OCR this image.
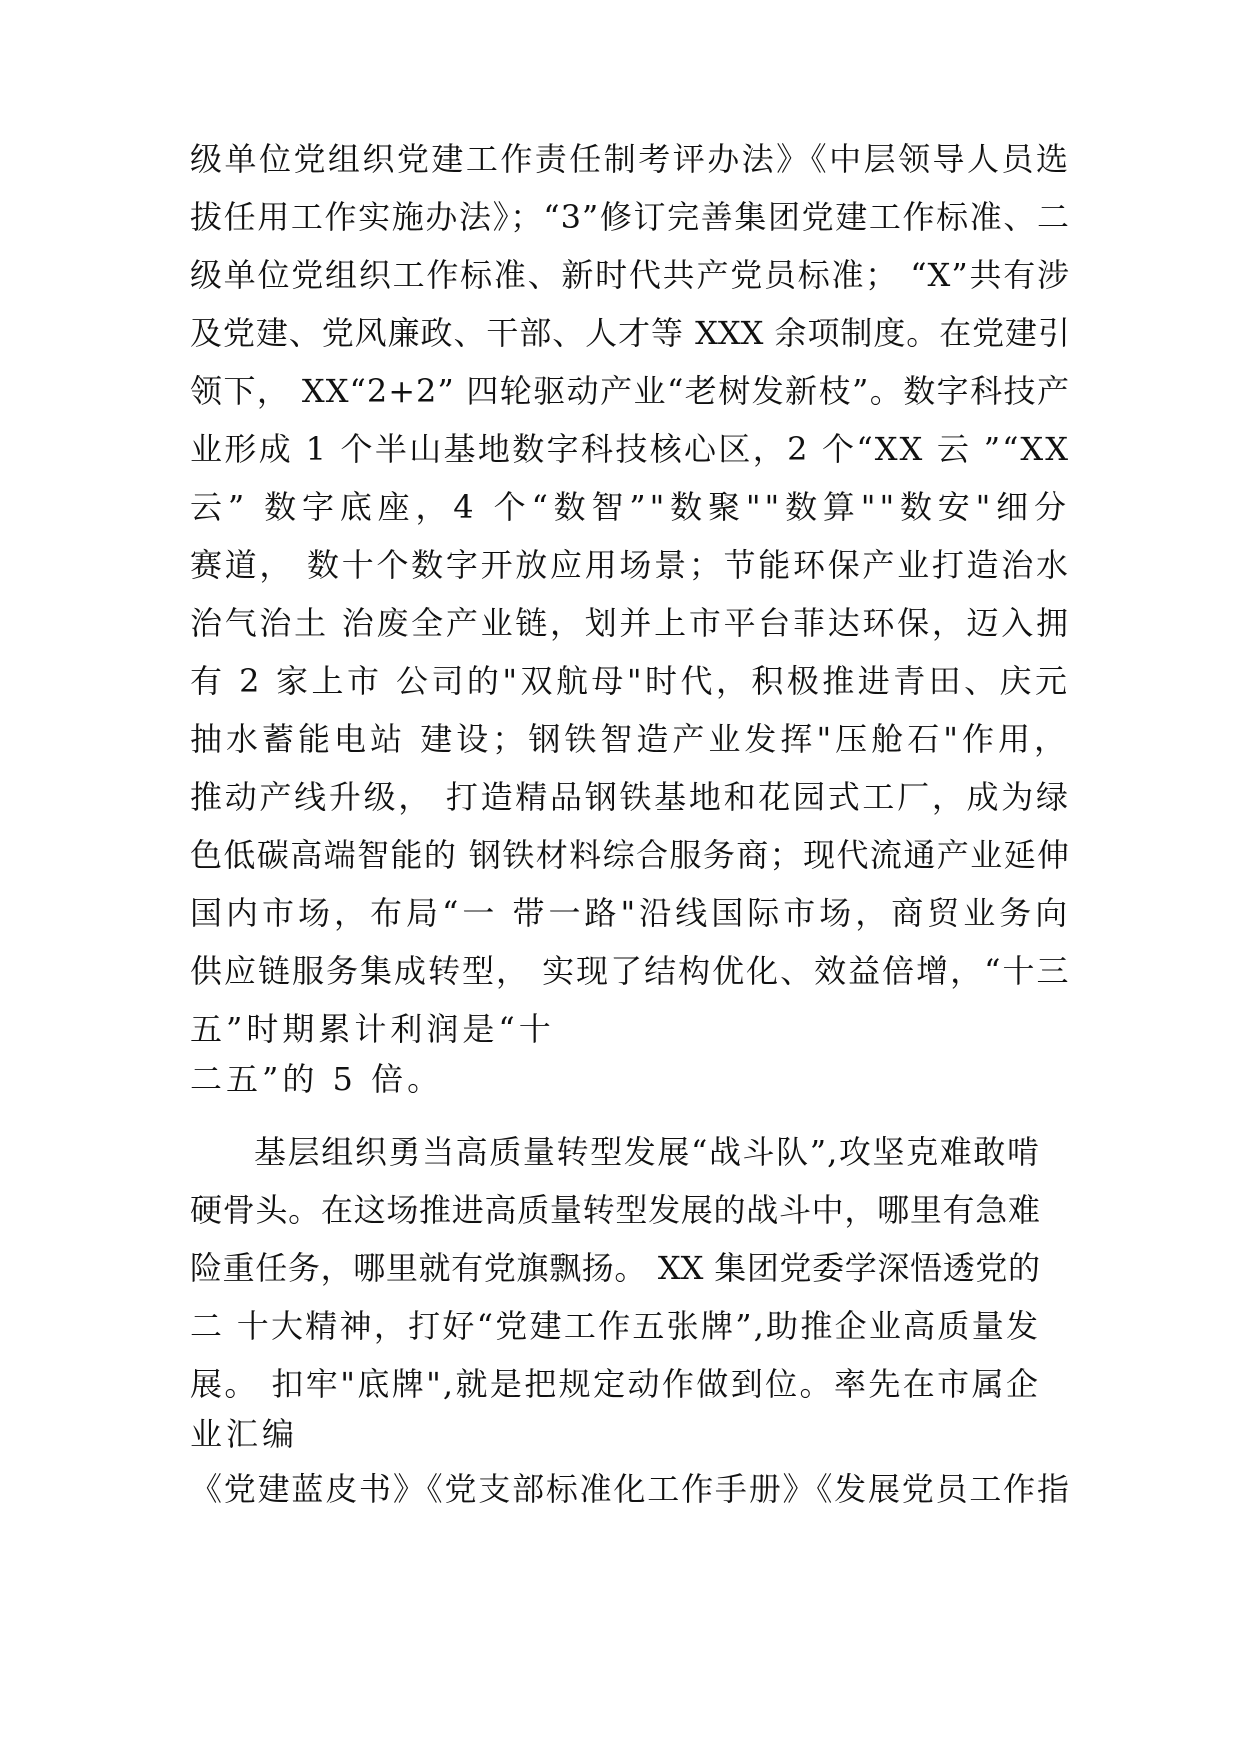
级单位党组织党建工作责任制考评办法》《中层领导人员选
拔任用工作实施办法》；“3”修订完善集团党建工作标准、二
级单位党组织工作标准、新时代共产党员标准； “X”共有涉
及党建、党风廉政、干部、人才等 XXX 余项制度。在党建引
领下， XX“2+2” 四轮驱动产业“老树发新枝”。数字科技产
业形成 1 个半山基地数字科技核心区，2 个“XX 云 ”“XX
云” 数字底座，4 个“数智”"数聚""数算""数安"细分
赛道， 数十个数字开放应用场景；节能环保产业打造治水
治气治土 治废全产业链，划并上市平台菲达环保，迈入拥
有 2 家上市 公司的"双航母"时代，积极推进青田、庆元
抽水蓄能电站 建设；钢铁智造产业发挥"压舱石"作用，
推动产线升级， 打造精品钢铁基地和花园式工厂，成为绿
色低碳高端智能的 钢铁材料综合服务商；现代流通产业延伸
国内市场，布局“一 带一路"沿线国际市场，商贸业务向
供应链服务集成转型， 实现了结构优化、效益倍增，“十三
五”时期累计利润是“十
二五”的 5 倍。
基层组织勇当高质量转型发展“战斗队”,攻坚克难敢啃
硬骨头。在这场推进高质量转型发展的战斗中，哪里有急难
险重任务，哪里就有党旗飘扬。 XX 集团党委学深悟透党的
二 十大精神，打好“党建工作五张牌”,助推企业高质量发
展。 扣牢"底牌",就是把规定动作做到位。率先在市属企
业汇编
《党建蓝皮书》《党支部标准化工作手册》《发展党员工作指
